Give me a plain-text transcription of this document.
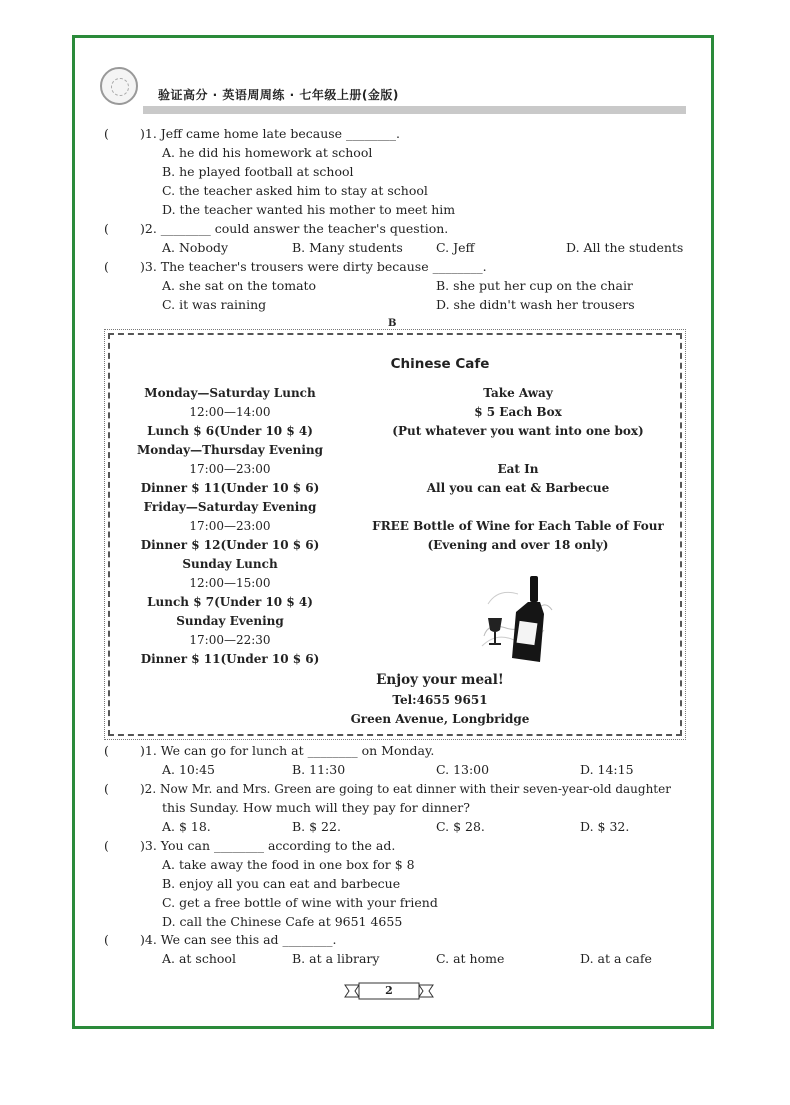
验证高分 · 英语周周练 · 七年级上册(金版)
( )1. Jeff came home late because ________.
A. he did his homework at school
B. he played football at school
C. the teacher asked him to stay at school
D. the teacher wanted his mother to meet him
( )2. ________ could answer the teacher's question.
A. Nobody	B. Many students	C. Jeff	D. All the students
( )3. The teacher's trousers were dirty because ________.
A. she sat on the tomato	B. she put her cup on the chair
C. it was raining	D. she didn't wash her trousers
B
Chinese Cafe
Monday—Saturday Lunch
12:00—14:00
Lunch $ 6(Under 10 $ 4)
Monday—Thursday Evening
17:00—23:00
Dinner $ 11(Under 10 $ 6)
Friday—Saturday Evening
17:00—23:00
Dinner $ 12(Under 10 $ 6)
Sunday Lunch
12:00—15:00
Lunch $ 7(Under 10 $ 4)
Sunday Evening
17:00—22:30
Dinner $ 11(Under 10 $ 6)
Take Away
$ 5 Each Box
(Put whatever you want into one box)
Eat In
All you can eat & Barbecue
FREE Bottle of Wine for Each Table of Four
(Evening and over 18 only)
Enjoy your meal!
Tel:4655 9651
Green Avenue, Longbridge
( )1. We can go for lunch at ________ on Monday.
A. 10:45	B. 11:30	C. 13:00	D. 14:15
(	)2. Now Mr. and Mrs. Green are going to eat dinner with their seven-year-old daughter
this Sunday. How much will they pay for dinner?
A. $ 18.	B. $ 22.	C. $ 28.	D. $ 32.
( )3. You can ________ according to the ad.
A. take away the food in one box for $ 8
B. enjoy all you can eat and barbecue
C. get a free bottle of wine with your friend
D. call the Chinese Cafe at 9651 4655
( )4. We can see this ad ________.
A. at school	B. at a library	C. at home	D. at a cafe
2
